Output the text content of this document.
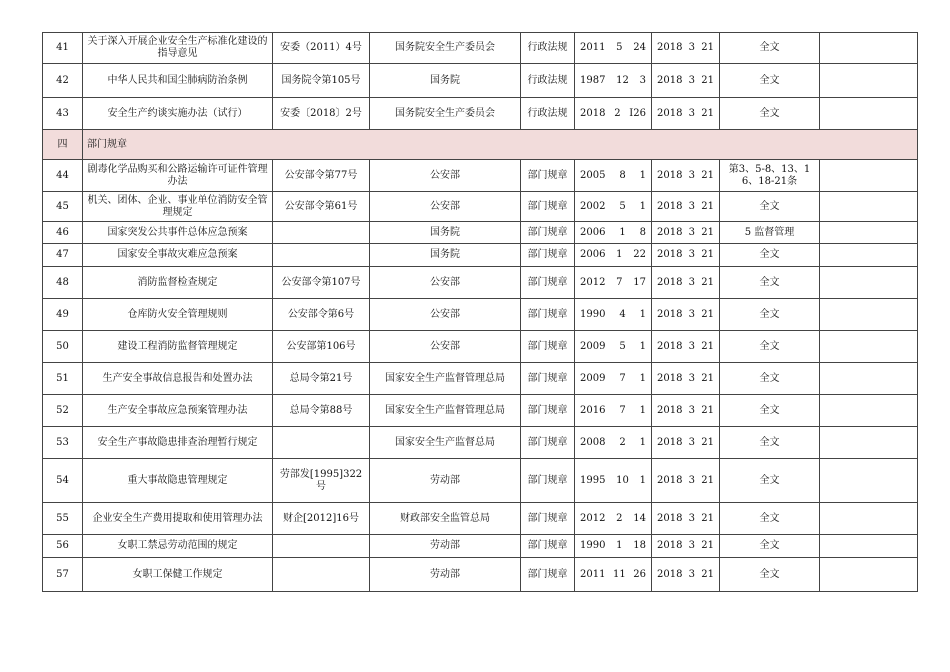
41	关于深入开展企业安全生产标准化建设的指导意见	安委（2011）4号	国务院安全生产委员会	行政法规	2011 5 24	2018 3 21	全文	
42	中华人民共和国尘肺病防治条例	国务院令第105号	国务院	行政法规	1987 12 3	2018 3 21	全文	
43	安全生产约谈实施办法（试行）	安委〔2018〕2号	国务院安全生产委员会	行政法规	2018 2 I26	2018 3 21	全文	
四	部门规章							
44	剧毒化学品购买和公路运输许可证件管理办法	公安部令第77号	公安部	部门规章	2005 8 1	2018 3 21	第3、5-8、13、16、18-21条	
45	机关、团体、企业、事业单位消防安全管理规定	公安部令第61号	公安部	部门规章	2002 5 1	2018 3 21	全文	
46	国家突发公共事件总体应急预案		国务院	部门规章	2006 1 8	2018 3 21	5 监督管理	
47	国家安全事故灾难应急预案		国务院	部门规章	2006 1 22	2018 3 21	全文	
48	消防监督检查规定	公安部令第107号	公安部	部门规章	2012 7 17	2018 3 21	全文	
49	仓库防火安全管理规则	公安部令第6号	公安部	部门规章	1990 4 1	2018 3 21	全文	
50	建设工程消防监督管理规定	公安部第106号	公安部	部门规章	2009 5 1	2018 3 21	全文	
51	生产安全事故信息报告和处置办法	总局令第21号	国家安全生产监督管理总局	部门规章	2009 7 1	2018 3 21	全文	
52	生产安全事故应急预案管理办法	总局令第88号	国家安全生产监督管理总局	部门规章	2016 7 1	2018 3 21	全文	
53	安全生产事故隐患排查治理暂行规定		国家安全生产监督总局	部门规章	2008 2 1	2018 3 21	全文	
54	重大事故隐患管理规定	劳部发[1995]322号	劳动部	部门规章	1995 10 1	2018 3 21	全文	
55	企业安全生产费用提取和使用管理办法	财企[2012]16号	财政部安全监管总局	部门规章	2012 2 14	2018 3 21	全文	
56	女职工禁忌劳动范围的规定		劳动部	部门规章	1990 1 18	2018 3 21	全文	
57	女职工保健工作规定		劳动部	部门规章	2011 11 26	2018 3 21	全文	
